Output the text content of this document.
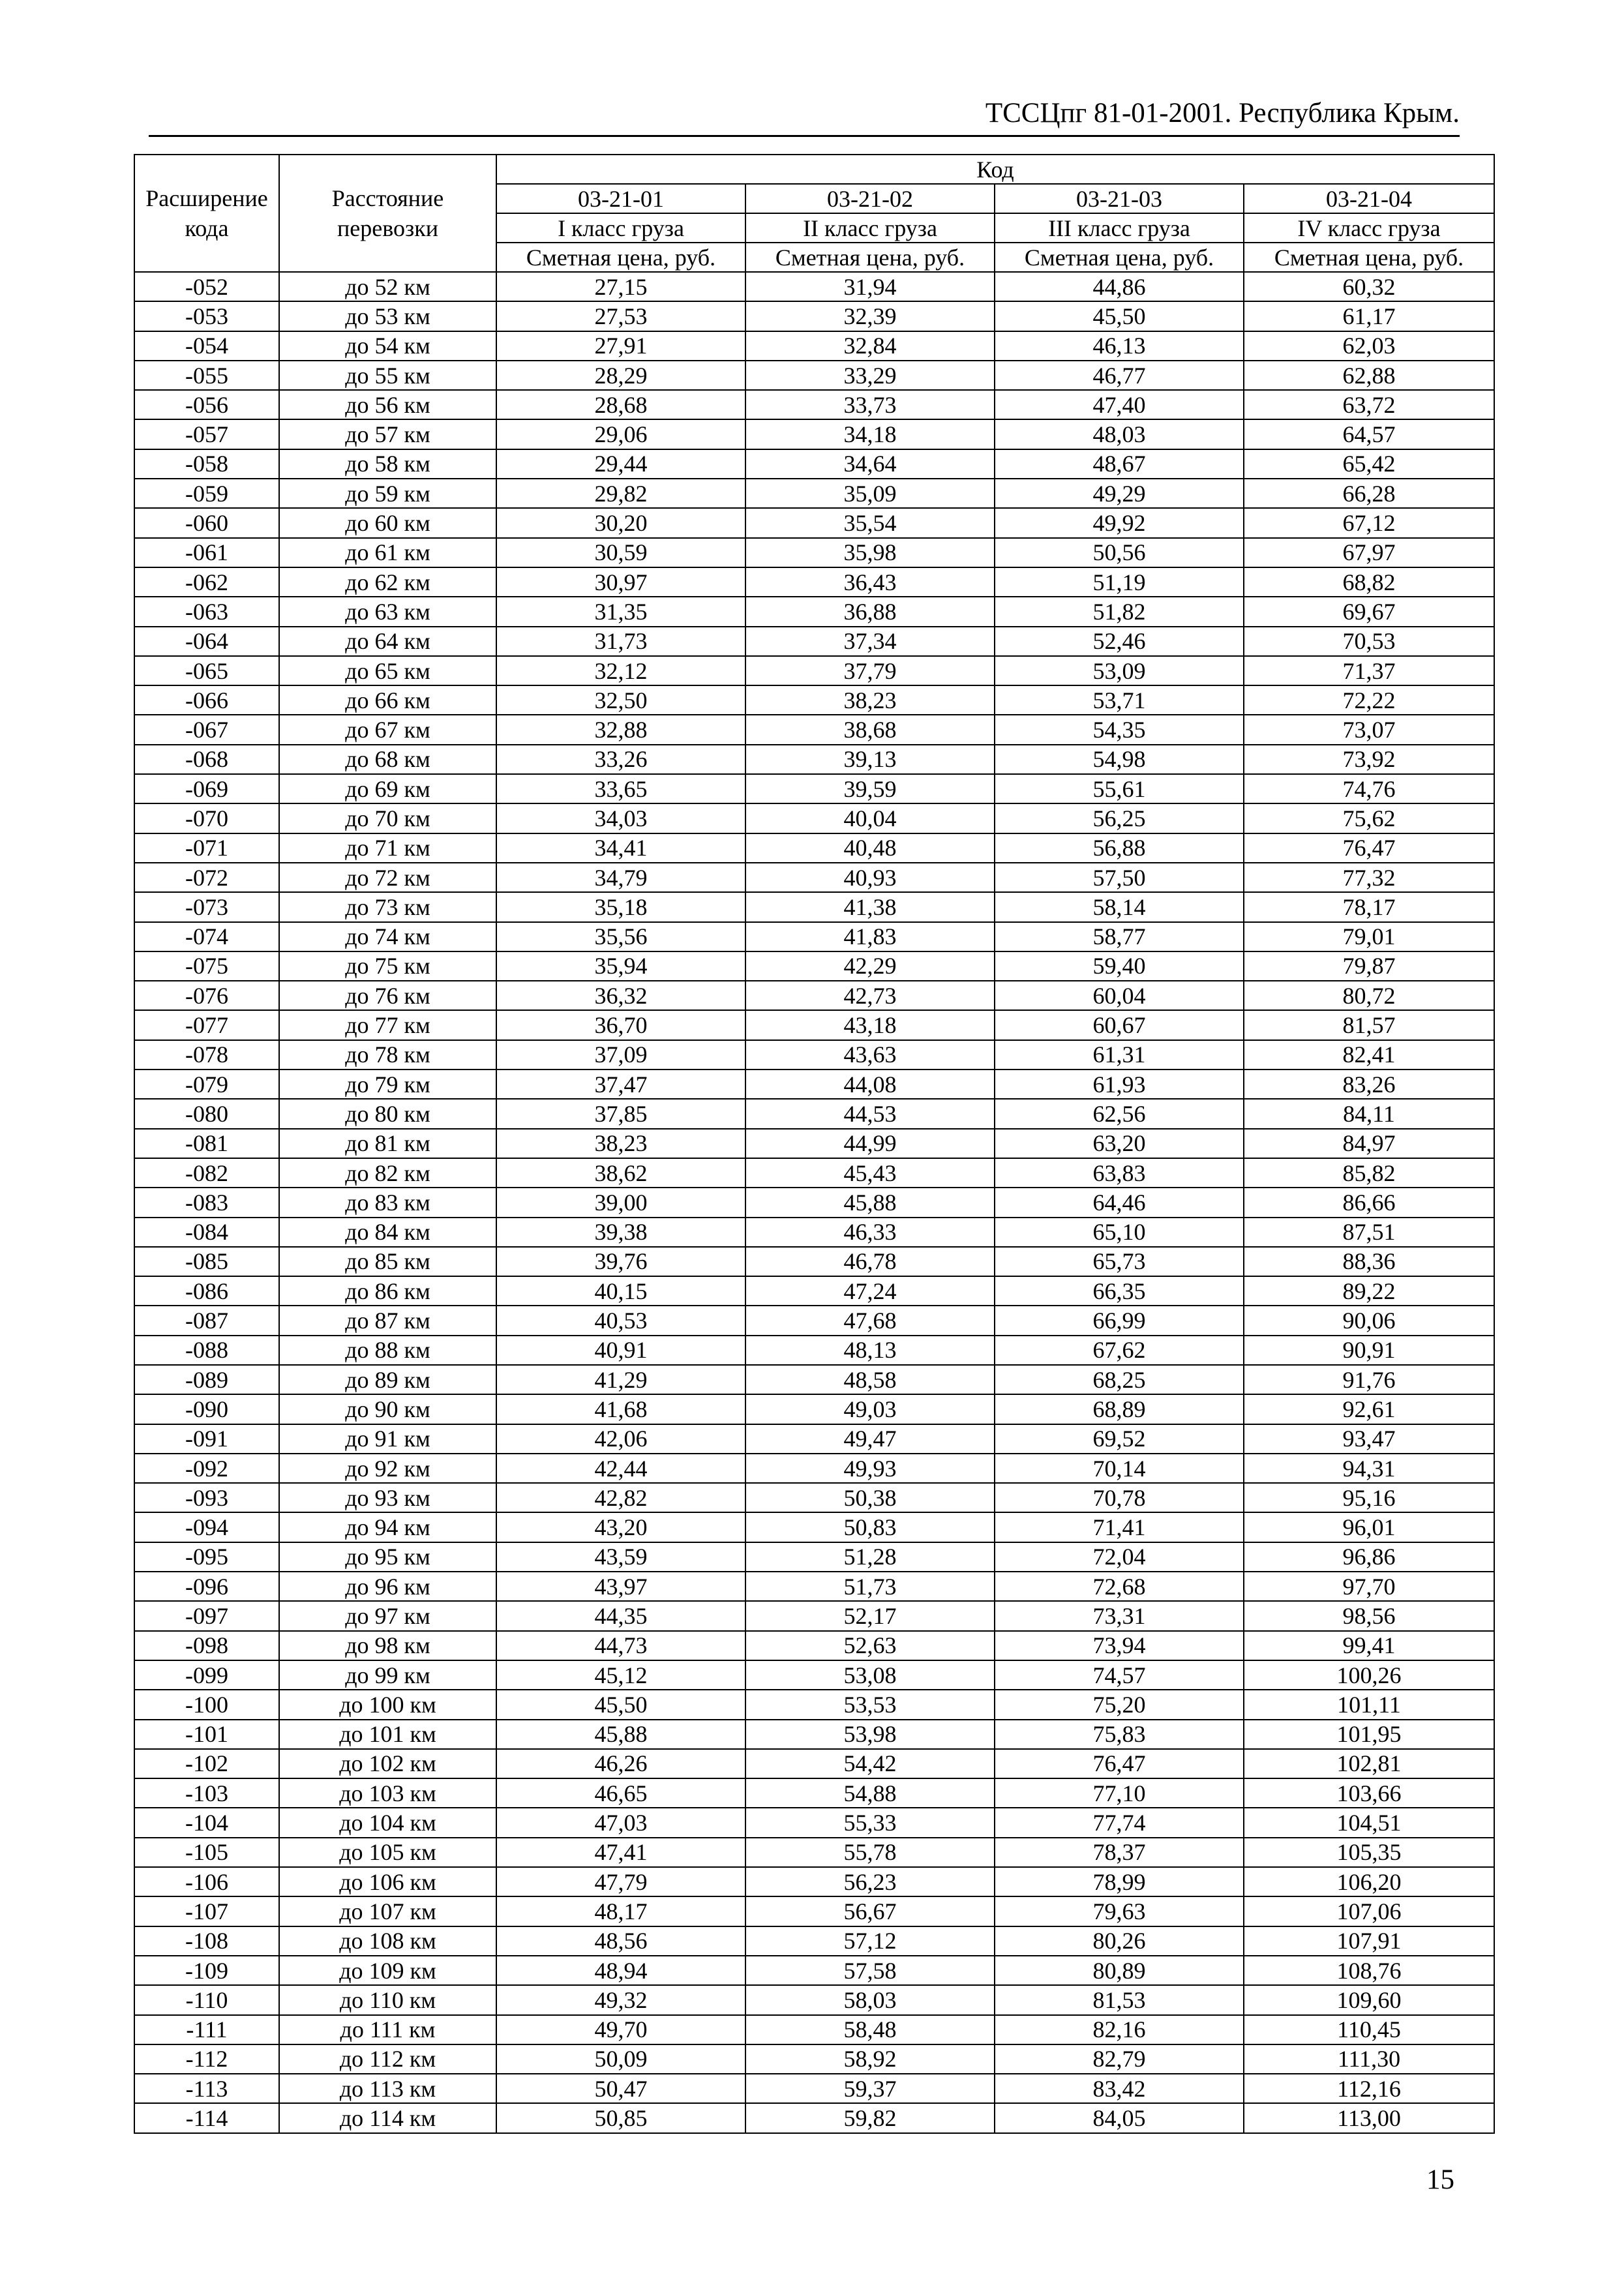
ТССЦпг 81-01-2001. Республика Крым.
Расширение кода	Расстояние перевозки	Код			
		03-21-01	03-21-02	03-21-03	03-21-04
		I класс груза	II класс груза	III класс груза	IV класс груза
		Сметная цена, руб.	Сметная цена, руб.	Сметная цена, руб.	Сметная цена, руб.
-052	до 52 км	27,15	31,94	44,86	60,32
-053	до 53 км	27,53	32,39	45,50	61,17
-054	до 54 км	27,91	32,84	46,13	62,03
-055	до 55 км	28,29	33,29	46,77	62,88
-056	до 56 км	28,68	33,73	47,40	63,72
-057	до 57 км	29,06	34,18	48,03	64,57
-058	до 58 км	29,44	34,64	48,67	65,42
-059	до 59 км	29,82	35,09	49,29	66,28
-060	до 60 км	30,20	35,54	49,92	67,12
-061	до 61 км	30,59	35,98	50,56	67,97
-062	до 62 км	30,97	36,43	51,19	68,82
-063	до 63 км	31,35	36,88	51,82	69,67
-064	до 64 км	31,73	37,34	52,46	70,53
-065	до 65 км	32,12	37,79	53,09	71,37
-066	до 66 км	32,50	38,23	53,71	72,22
-067	до 67 км	32,88	38,68	54,35	73,07
-068	до 68 км	33,26	39,13	54,98	73,92
-069	до 69 км	33,65	39,59	55,61	74,76
-070	до 70 км	34,03	40,04	56,25	75,62
-071	до 71 км	34,41	40,48	56,88	76,47
-072	до 72 км	34,79	40,93	57,50	77,32
-073	до 73 км	35,18	41,38	58,14	78,17
-074	до 74 км	35,56	41,83	58,77	79,01
-075	до 75 км	35,94	42,29	59,40	79,87
-076	до 76 км	36,32	42,73	60,04	80,72
-077	до 77 км	36,70	43,18	60,67	81,57
-078	до 78 км	37,09	43,63	61,31	82,41
-079	до 79 км	37,47	44,08	61,93	83,26
-080	до 80 км	37,85	44,53	62,56	84,11
-081	до 81 км	38,23	44,99	63,20	84,97
-082	до 82 км	38,62	45,43	63,83	85,82
-083	до 83 км	39,00	45,88	64,46	86,66
-084	до 84 км	39,38	46,33	65,10	87,51
-085	до 85 км	39,76	46,78	65,73	88,36
-086	до 86 км	40,15	47,24	66,35	89,22
-087	до 87 км	40,53	47,68	66,99	90,06
-088	до 88 км	40,91	48,13	67,62	90,91
-089	до 89 км	41,29	48,58	68,25	91,76
-090	до 90 км	41,68	49,03	68,89	92,61
-091	до 91 км	42,06	49,47	69,52	93,47
-092	до 92 км	42,44	49,93	70,14	94,31
-093	до 93 км	42,82	50,38	70,78	95,16
-094	до 94 км	43,20	50,83	71,41	96,01
-095	до 95 км	43,59	51,28	72,04	96,86
-096	до 96 км	43,97	51,73	72,68	97,70
-097	до 97 км	44,35	52,17	73,31	98,56
-098	до 98 км	44,73	52,63	73,94	99,41
-099	до 99 км	45,12	53,08	74,57	100,26
-100	до 100 км	45,50	53,53	75,20	101,11
-101	до 101 км	45,88	53,98	75,83	101,95
-102	до 102 км	46,26	54,42	76,47	102,81
-103	до 103 км	46,65	54,88	77,10	103,66
-104	до 104 км	47,03	55,33	77,74	104,51
-105	до 105 км	47,41	55,78	78,37	105,35
-106	до 106 км	47,79	56,23	78,99	106,20
-107	до 107 км	48,17	56,67	79,63	107,06
-108	до 108 км	48,56	57,12	80,26	107,91
-109	до 109 км	48,94	57,58	80,89	108,76
-110	до 110 км	49,32	58,03	81,53	109,60
-111	до 111 км	49,70	58,48	82,16	110,45
-112	до 112 км	50,09	58,92	82,79	111,30
-113	до 113 км	50,47	59,37	83,42	112,16
-114	до 114 км	50,85	59,82	84,05	113,00
15
